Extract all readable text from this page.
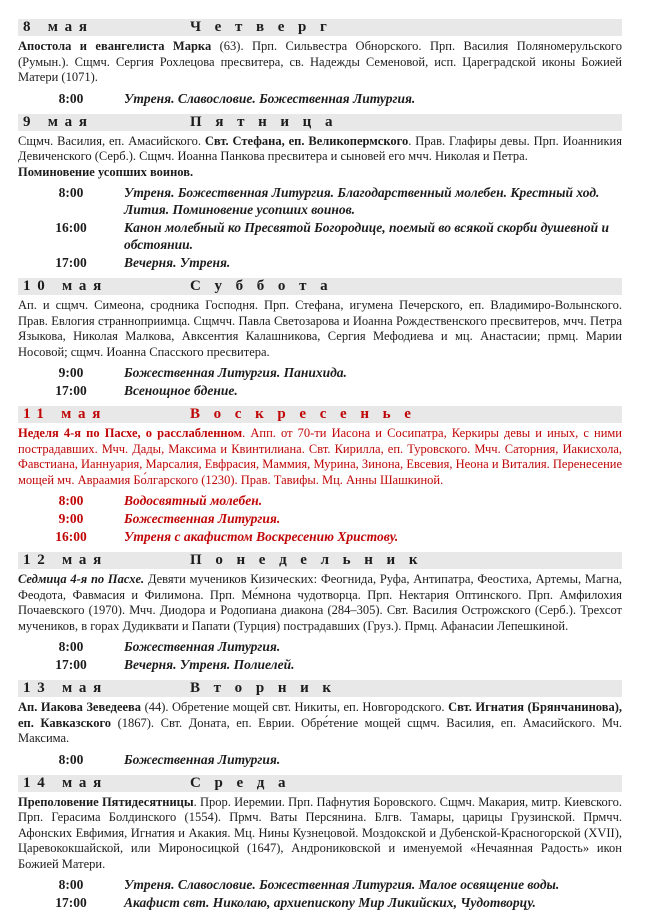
8 мая	Ч е т в е р г

Апостола и евангелиста Марка (63). Прп. Сильвестра Обнорского. Прп. Василия Поляномерульского (Румын.). Сщмч. Сергия Рохлецова пресвитера, св. Надежды Семеновой, исп. Цареградской иконы Божией Матери (1071).

8:00	Утреня. Славословие. Божественная Литургия.
9 мая	П я т н и ц а

Сщмч. Василия, еп. Амасийского. Свт. Стефана, еп. Великопермского. Прав. Глафиры девы. Прп. Иоанникия Девиченского (Серб.). Сщмч. Иоанна Панкова пресвитера и сыновей его мчч. Николая и Петра.

Поминовение усопших воинов.

8:00	Утреня. Божественная Литургия. Благодарственный молебен. Крестный ход. Лития. Поминовение усопших воинов.
16:00	Канон молебный ко Пресвятой Богородице, поемый во всякой скорби душевной и обстоянии.
17:00	Вечерня. Утреня.
10 мая	С у б б о т а

Ап. и сщмч. Симеона, сродника Господня. Прп. Стефана, игумена Печерского, еп. Владимиро-Волынского. Прав. Евлогия странноприимца. Сщмчч. Павла Светозарова и Иоанна Рождественского пресвитеров, мчч. Петра Языкова, Николая Малкова, Авксентия Калашникова, Сергия Мефодиева и мц. Анастасии; прмц. Марии Носовой; сщмч. Иоанна Спасского пресвитера.

9:00	Божественная Литургия. Панихида.
17:00	Всенощное бдение.
11 мая	В о с к р е с е н ь е

Неделя 4-я по Пасхе, о расслабленном. Апп. от 70-ти Иасона и Сосипатра, Керкиры девы и иных, с ними пострадавших. Мчч. Дады, Максима и Квинтилиана. Свт. Кирилла, еп. Туровского. Мчч. Саторния, Иакисхола, Фавстиана, Ианнуария, Марсалия, Евфрасия, Маммия, Мурина, Зинона, Евсевия, Неона и Виталия. Перенесение мощей мч. Авраамия Бо́лгарского (1230). Прав. Тавифы. Мц. Анны Шашкиной.

8:00	Водосвятный молебен.
9:00	Божественная Литургия.
16:00	Утреня с акафистом Воскресению Христову.
12 мая	П о н е д е л ь н и к

Седмица 4-я по Пасхе. Девяти мучеников Кизических: Феогнида, Руфа, Антипатра, Феостиха, Артемы, Магна, Феодота, Фавмасия и Филимона. Прп. Ме́мнона чудотворца. Прп. Нектария Оптинского. Прп. Амфилохия Почаевского (1970). Мчч. Диодора и Родопиана диакона (284–305). Свт. Василия Острожского (Серб.). Трехсот мучеников, в горах Дудиквати и Папати (Турция) пострадавших (Груз.). Прмц. Афанасии Лепешкиной.

8:00	Божественная Литургия.
17:00	Вечерня. Утреня. Полиелей.
13 мая	В т о р н и к

Ап. Иакова Зеведеева (44). Обретение мощей свт. Никиты, еп. Новгородского. Свт. Игнатия (Брянчанинова), еп. Кавказского (1867). Свт. Доната, еп. Еврии. Обре́тение мощей сщмч. Василия, еп. Амасийского. Мч. Максима.

8:00	Божественная Литургия.
14 мая	С р е д а

Преполовение Пятидесятницы. Прор. Иеремии. Прп. Пафнутия Боровского. Сщмч. Макария, митр. Киевского. Прп. Герасима Болдинского (1554). Прмч. Ваты Персянина. Блгв. Тамары, царицы Грузинской. Прмчч. Афонских Евфимия, Игнатия и Акакия. Мц. Нины Кузнецовой. Моздокской и Дубенской-Красногорской (XVII), Царевококшайской, или Мироносицкой (1647), Андрониковской и именуемой «Нечаянная Радость» икон Божией Матери.

8:00	Утреня. Славословие. Божественная Литургия. Малое освящение воды.
17:00	Акафист свт. Николаю, архиепископу Мир Ликийских, Чудотворцу.
